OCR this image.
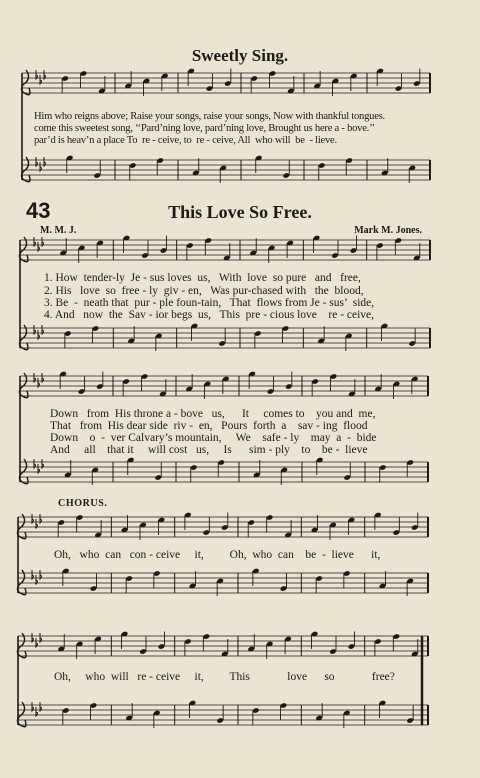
Sweetly Sing.
Him who reigns above; Raise your songs, raise your songs, Now with thankful tongues.
come this sweetest song, ‘‘Pard’ning love, pard’ning love, Brought us here a - bove.’’
par’d is heav’n a place To  re - ceive, to  re - ceive, All  who will  be  - lieve.
43	This Love So Free.
M. M. J.	Mark M. Jones.
1. How  tender-ly  Je - sus loves  us,   With  love  so pure   and   free,
2. His   love  so  free - ly  giv - en,   Was pur-chased with   the  blood,
3. Be  -  neath that  pur - ple foun-tain,   That  flows from Je - sus’  side,
4. And   now  the  Sav - ior begs  us,   This  pre - cious love    re - ceive,
Down   from  His throne a - bove   us,      It     comes to    you and  me,
That   from  His dear side  riv -  en,   Pours  forth  a    sav - ing  flood
Down    o  -  ver Calvary’s mountain,     We    safe - ly    may  a  -  bide
And     all    that it     will cost   us,     Is      sim - ply    to    be -  lieve
CHORUS.
Oh,   who  can   con - ceive     it,         Oh,  who  can    be  -  lieve      it,
Oh,     who  will   re - ceive     it,         This             love      so             free?
